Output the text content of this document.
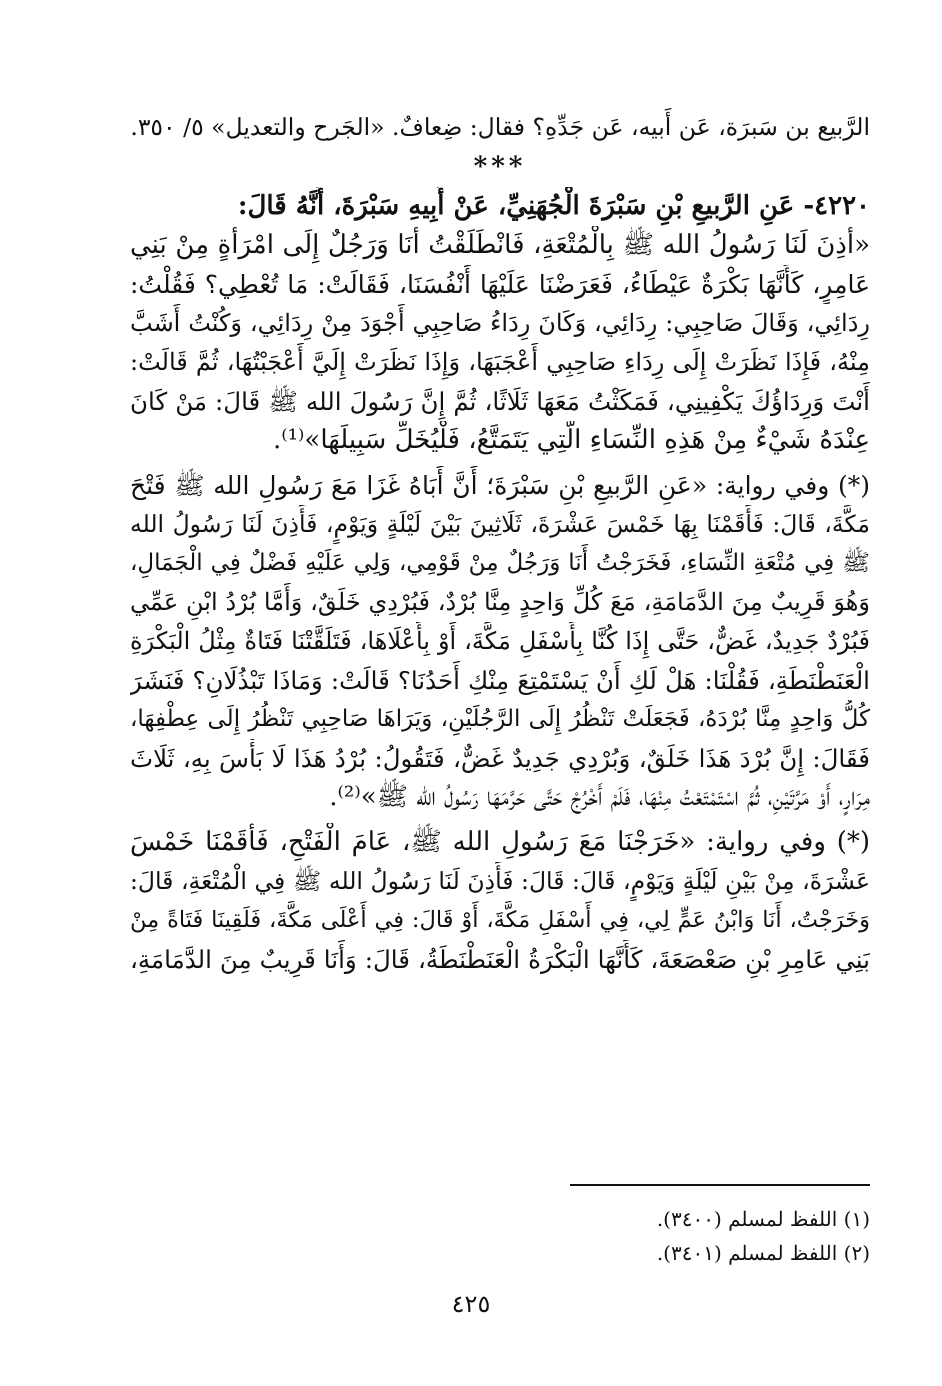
الرَّبيع بن سَبرَة، عَن أَبيه، عَن جَدِّهِ؟ فقال: ضِعافٌ. «الجَرح والتعديل» ٥/ ٣٥٠.
***
٤٢٢٠- عَنِ الرَّبيعِ بْنِ سَبْرَةَ الْجُهَنِيِّ، عَنْ أَبِيهِ سَبْرَةَ، أَنَّهُ قَالَ:
«أَذِنَ لَنَا رَسُولُ الله ﷺ بِالْمُتْعَةِ، فَانْطَلَقْتُ أَنَا وَرَجُلٌ إِلَى امْرَأَةٍ مِنْ بَنِي
عَامِرٍ، كَأَنَّهَا بَكْرَةٌ عَيْطَاءُ، فَعَرَضْنَا عَلَيْهَا أَنْفُسَنَا، فَقَالَتْ: مَا تُعْطِي؟ فَقُلْتُ:
رِدَائِي، وَقَالَ صَاحِبِي: رِدَائِي، وَكَانَ رِدَاءُ صَاحِبِي أَجْوَدَ مِنْ رِدَائِي، وَكُنْتُ أَشَبَّ
مِنْهُ، فَإِذَا نَظَرَتْ إِلَى رِدَاءِ صَاحِبِي أَعْجَبَهَا، وَإِذَا نَظَرَتْ إِلَيَّ أَعْجَبْتُهَا، ثُمَّ قَالَتْ:
أَنْتَ وَرِدَاؤُكَ يَكْفِينِي، فَمَكَثْتُ مَعَهَا ثَلَاثًا، ثُمَّ إِنَّ رَسُولَ الله ﷺ قَالَ: مَنْ كَانَ
عِنْدَهُ شَيْءٌ مِنْ هَذِهِ النِّسَاءِ الَّتِي يَتَمَتَّعُ، فَلْيُخَلِّ سَبِيلَهَا»⁽¹⁾.
(*) وفي رواية: «عَنِ الرَّبيعِ بْنِ سَبْرَةَ؛ أَنَّ أَبَاهُ غَزَا مَعَ رَسُولِ الله ﷺ فَتْحَ
مَكَّةَ، قَالَ: فَأَقَمْنَا بِهَا خَمْسَ عَشْرَةَ، ثَلَاثِينَ بَيْنَ لَيْلَةٍ وَيَوْمٍ، فَأَذِنَ لَنَا رَسُولُ الله
ﷺ فِي مُتْعَةِ النِّسَاءِ، فَخَرَجْتُ أَنَا وَرَجُلٌ مِنْ قَوْمِي، وَلِي عَلَيْهِ فَضْلٌ فِي الْجَمَالِ،
وَهُوَ قَرِيبٌ مِنَ الدَّمَامَةِ، مَعَ كُلِّ وَاحِدٍ مِنَّا بُرْدٌ، فَبُرْدِي خَلَقٌ، وَأَمَّا بُرْدُ ابْنِ عَمِّي
فَبُرْدٌ جَدِيدٌ، غَضٌّ، حَتَّى إِذَا كُنَّا بِأَسْفَلِ مَكَّةَ، أَوْ بِأَعْلَاهَا، فَتَلَقَّتْنَا فَتَاةٌ مِثْلُ الْبَكْرَةِ
الْعَنَطْنَطَةِ، فَقُلْنَا: هَلْ لَكِ أَنْ يَسْتَمْتِعَ مِنْكِ أَحَدُنَا؟ قَالَتْ: وَمَاذَا تَبْذُلَانِ؟ فَنَشَرَ
كُلُّ وَاحِدٍ مِنَّا بُرْدَهُ، فَجَعَلَتْ تَنْظُرُ إِلَى الرَّجُلَيْنِ، وَيَرَاهَا صَاحِبِي تَنْظُرُ إِلَى عِطْفِهَا،
فَقَالَ: إِنَّ بُرْدَ هَذَا خَلَقٌ، وَبُرْدِي جَدِيدٌ غَضٌّ، فَتَقُولُ: بُرْدُ هَذَا لَا بَأْسَ بِهِ، ثَلَاثَ
مِرَارٍ، أَوْ مَرَّتَيْنِ، ثُمَّ اسْتَمْتَعْتُ مِنْهَا، فَلَمْ أَخْرُجْ حَتَّى حَرَّمَهَا رَسُولُ الله ﷺ»⁽²⁾.
(*) وفي رواية: «خَرَجْنَا مَعَ رَسُولِ الله ﷺ، عَامَ الْفَتْحِ، فَأَقَمْنَا خَمْسَ
عَشْرَةَ، مِنْ بَيْنِ لَيْلَةٍ وَيَوْمٍ، قَالَ: قَالَ: فَأَذِنَ لَنَا رَسُولُ الله ﷺ فِي الْمُتْعَةِ، قَالَ:
وَخَرَجْتُ، أَنَا وَابْنُ عَمٍّ لِي، فِي أَسْفَلِ مَكَّةَ، أَوْ قَالَ: فِي أَعْلَى مَكَّةَ، فَلَقِينَا فَتَاةً مِنْ
بَنِي عَامِرِ بْنِ صَعْصَعَةَ، كَأَنَّهَا الْبَكْرَةُ الْعَنَطْنَطَةُ، قَالَ: وَأَنَا قَرِيبٌ مِنَ الدَّمَامَةِ،
(١) اللفظ لمسلم (٣٤٠٠).
(٢) اللفظ لمسلم (٣٤٠١).
٤٢٥
